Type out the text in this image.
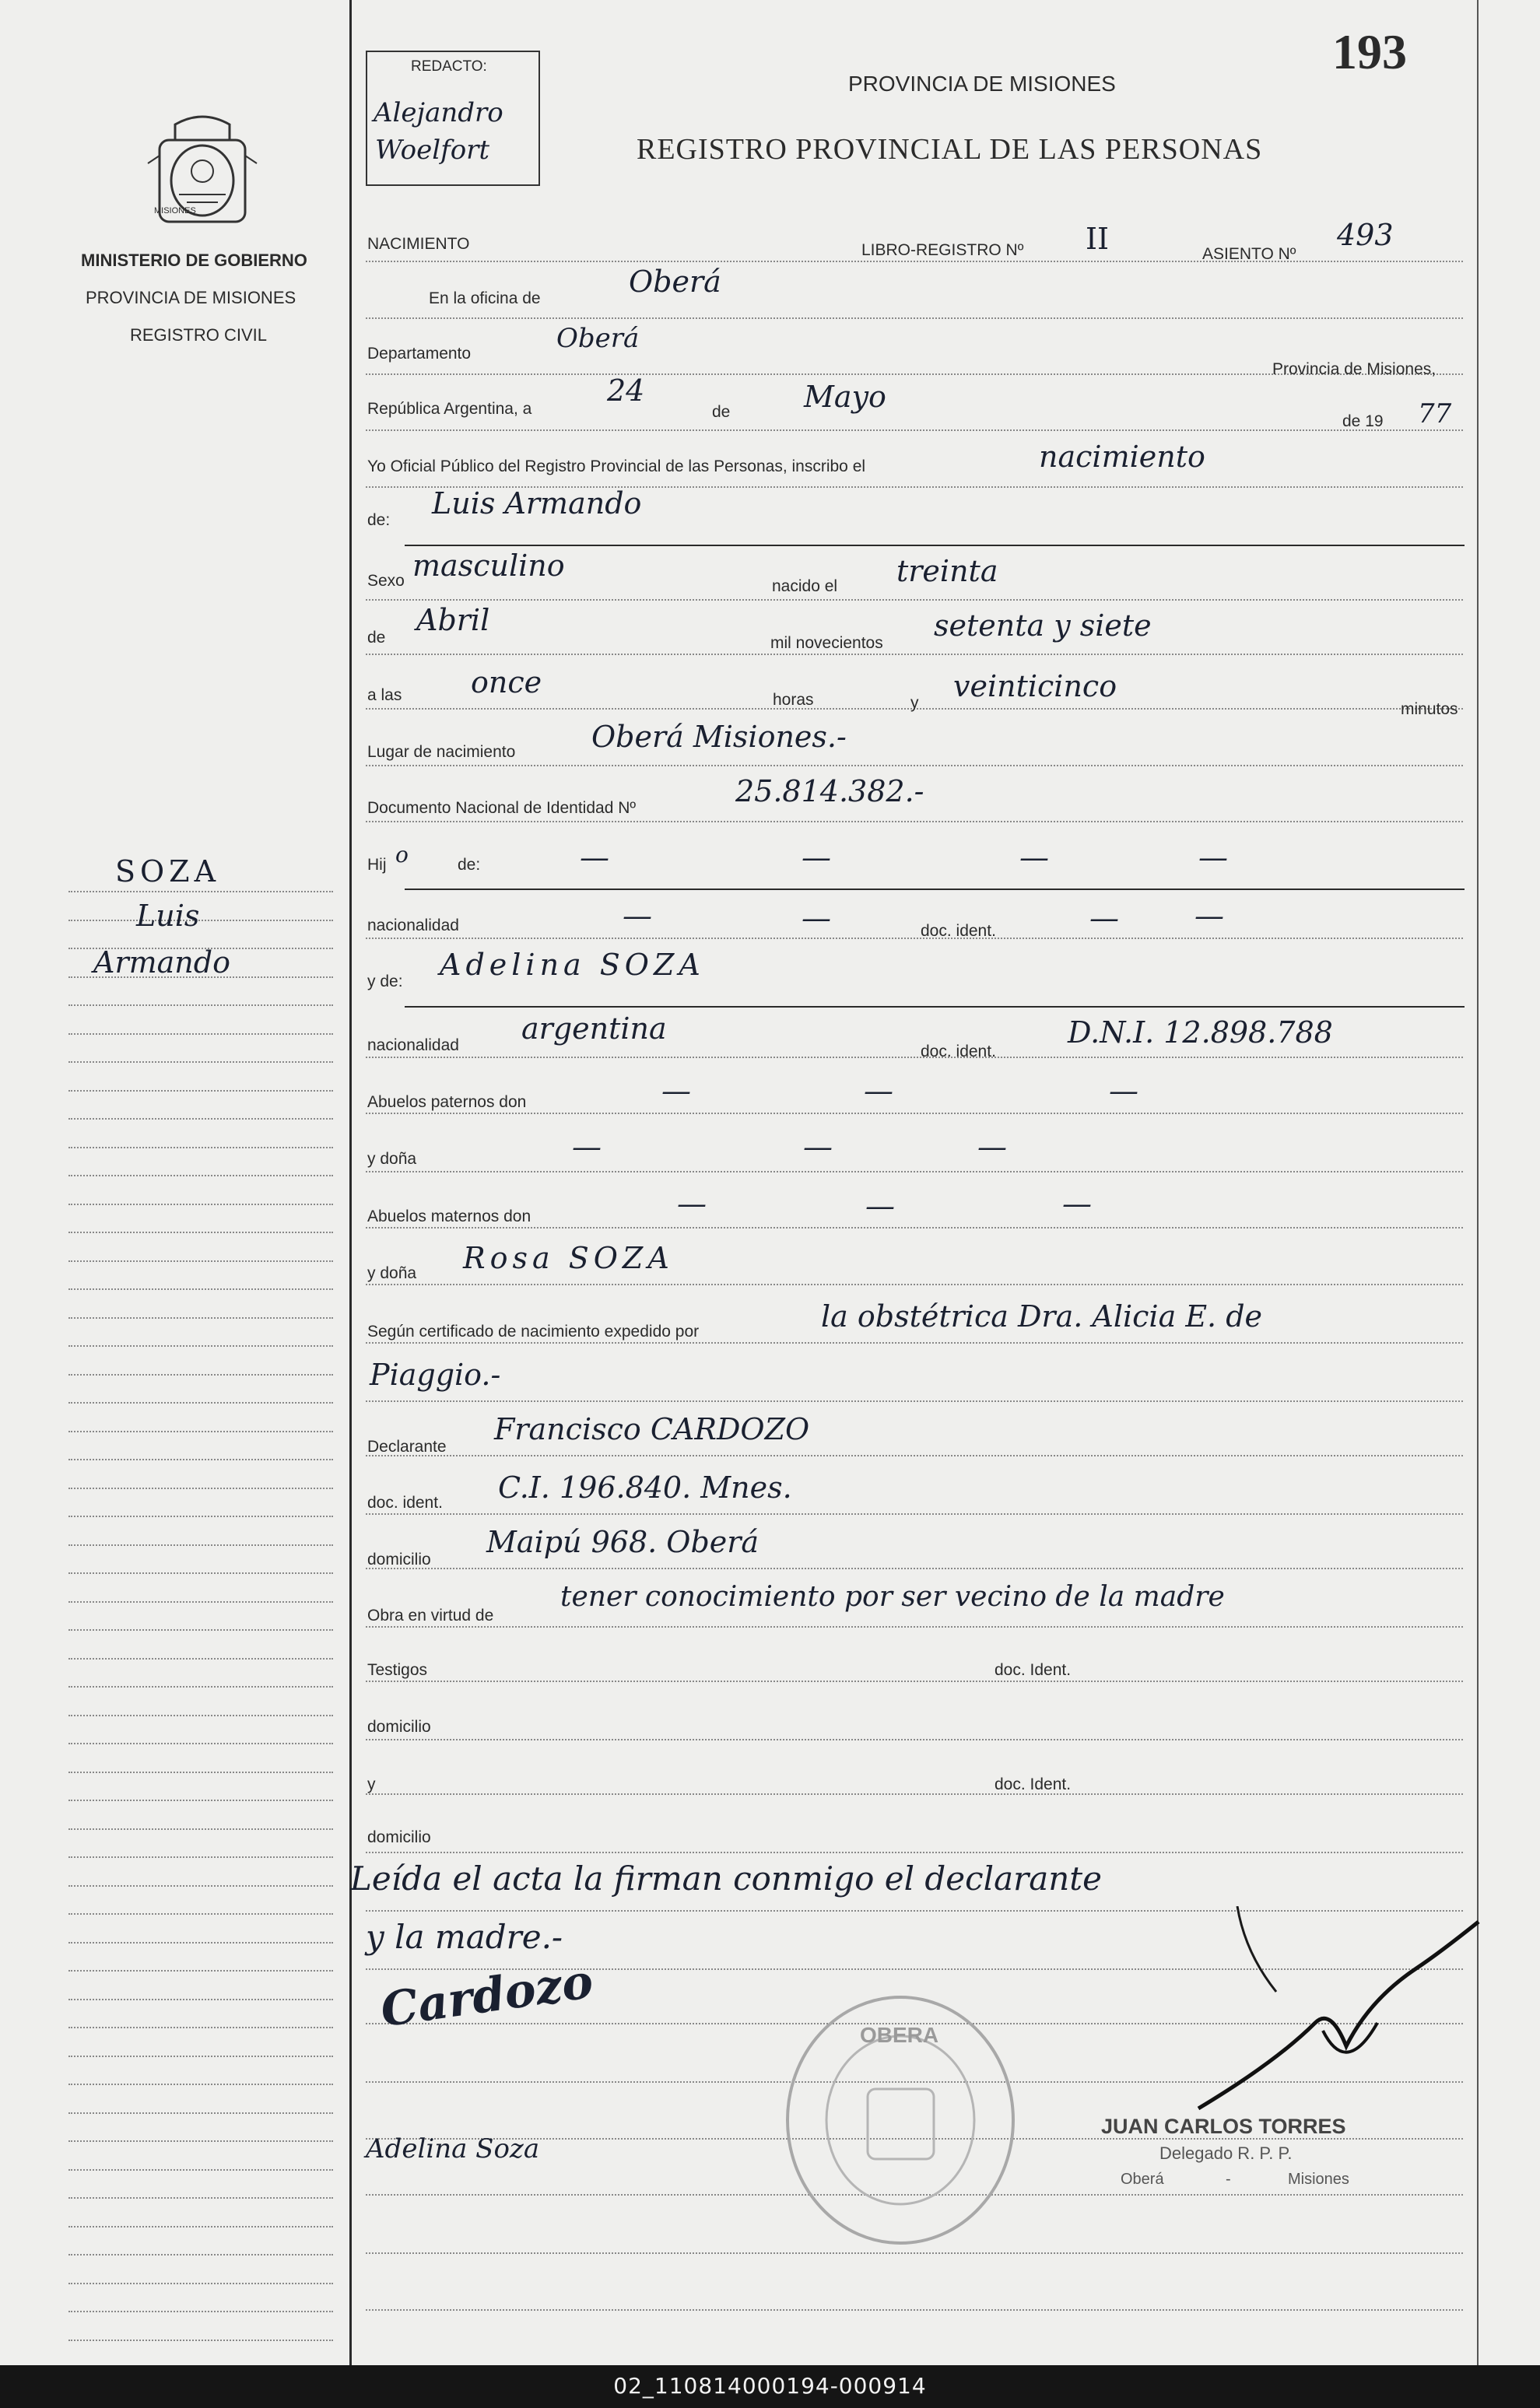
MISIONES
MINISTERIO DE GOBIERNO
PROVINCIA DE MISIONES
REGISTRO CIVIL
SOZA
Luis
Armando
REDACTO:
Alejandro
Woelfort
PROVINCIA DE MISIONES
REGISTRO PROVINCIAL DE LAS PERSONAS
193
NACIMIENTO	LIBRO-REGISTRO Nº II	ASIENTO Nº
493
En la oficina de	Oberá
Departamento	Oberá
Provincia de Misiones,
República Argentina, a
24
de Mayo
de 19 77
Yo Oficial Público del Registro Provincial de las Personas, inscribo el	nacimiento
de: Luis Armando
Sexo masculino
nacido el treinta
de
Abril
mil novecientos
setenta y siete
a las once
horas	y veinticinco
minutos
Lugar de nacimiento	Oberá Misiones.-
Documento Nacional de Identidad Nº	25.814.382.-
Hij o	de:	—	—	—	—
nacionalidad	—	—	doc. ident.	—	—
y de: Adelina SOZA
nacionalidad argentina
doc. ident.
D.N.I. 12.898.788
Abuelos paternos don	—	—	—
y doña	—	—	—
Abuelos maternos don	—	—	—
y doña Rosa SOZA
Según certificado de nacimiento expedido por	la obstétrica Dra. Alicia E. de
Piaggio.-
Declarante
Francisco CARDOZO
doc. ident. C.I. 196.840. Mnes.
domicilio
Maipú 968. Oberá
Obra en virtud de
tener conocimiento por ser vecino de la madre
Testigos	doc. Ident.
domicilio
y	doc. Ident.
domicilio
Leída el acta la firman conmigo el declarante
y la madre.-
Cardozo
Adelina Soza
OBERA
JUAN CARLOS TORRES
Delegado R. P. P.
Oberá	-	Misiones
02_110814000194-000914
